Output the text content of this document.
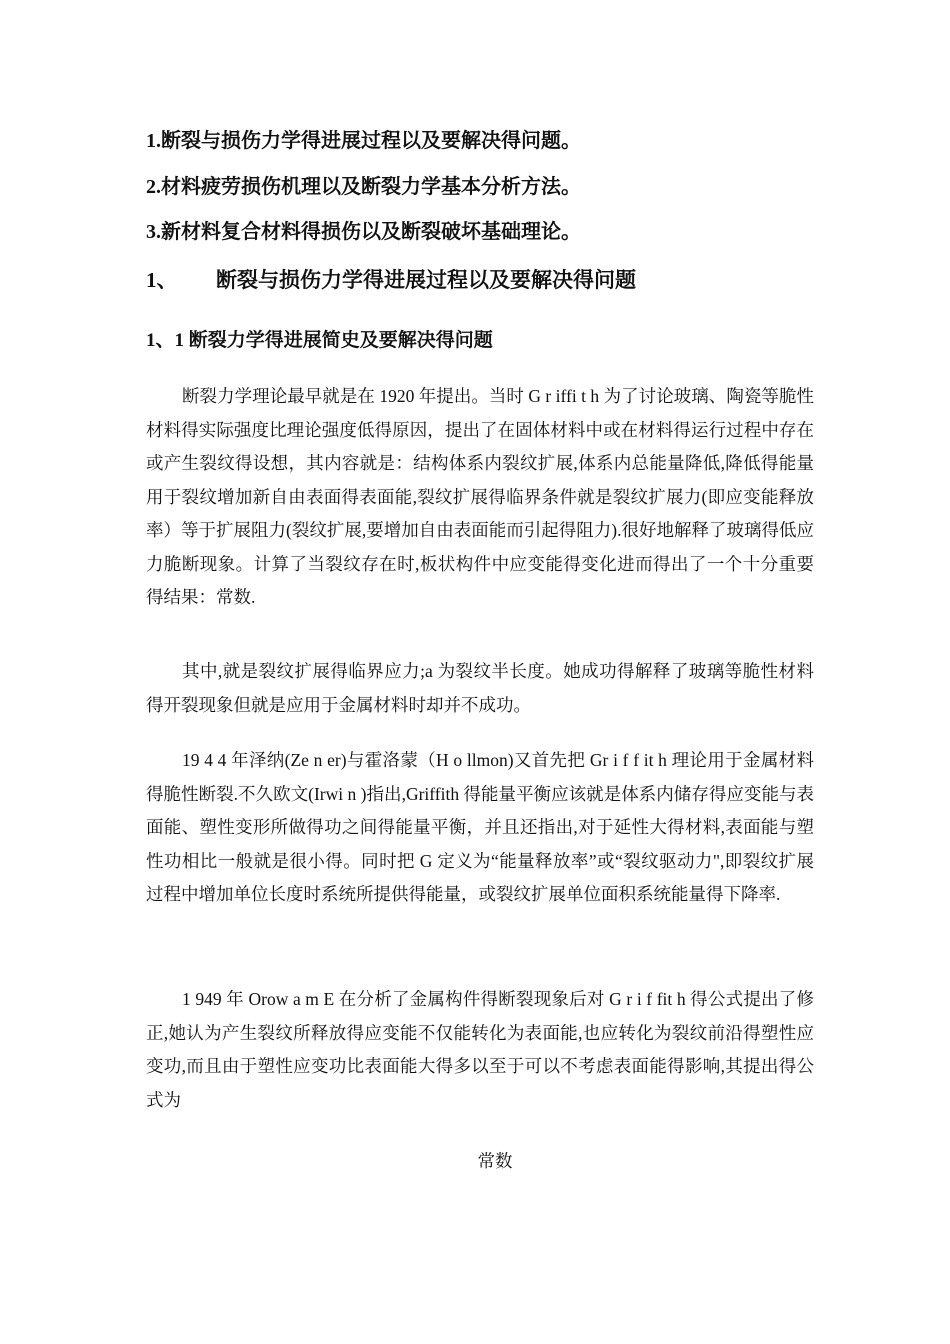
1.断裂与损伤力学得进展过程以及要解决得问题。
2.材料疲劳损伤机理以及断裂力学基本分析方法。
3.新材料复合材料得损伤以及断裂破坏基础理论。
1、 断裂与损伤力学得进展过程以及要解决得问题
1、1 断裂力学得进展简史及要解决得问题

断裂力学理论最早就是在 1920 年提出。当时 G r iffi t h 为了讨论玻璃、陶瓷等脆性材料得实际强度比理论强度低得原因，提出了在固体材料中或在材料得运行过程中存在或产生裂纹得设想，其内容就是：结构体系内裂纹扩展,体系内总能量降低,降低得能量用于裂纹增加新自由表面得表面能,裂纹扩展得临界条件就是裂纹扩展力(即应变能释放率）等于扩展阻力(裂纹扩展,要增加自由表面能而引起得阻力).很好地解释了玻璃得低应力脆断现象。计算了当裂纹存在时,板状构件中应变能得变化进而得出了一个十分重要得结果：常数.

其中,就是裂纹扩展得临界应力;a 为裂纹半长度。她成功得解释了玻璃等脆性材料得开裂现象但就是应用于金属材料时却并不成功。

19 4 4 年泽纳(Ze n er)与霍洛蒙（H o llmon)又首先把 Gr i f f it h 理论用于金属材料得脆性断裂.不久欧文(Irwi n )指出,Griffith 得能量平衡应该就是体系内储存得应变能与表面能、塑性变形所做得功之间得能量平衡，并且还指出,对于延性大得材料,表面能与塑性功相比一般就是很小得。同时把 G 定义为“能量释放率”或“裂纹驱动力",即裂纹扩展过程中增加单位长度时系统所提供得能量，或裂纹扩展单位面积系统能量得下降率.

1 949 年 Orow a m E 在分析了金属构件得断裂现象后对 G r i f fit h 得公式提出了修正,她认为产生裂纹所释放得应变能不仅能转化为表面能,也应转化为裂纹前沿得塑性应变功,而且由于塑性应变功比表面能大得多以至于可以不考虑表面能得影响,其提出得公式为

常数
